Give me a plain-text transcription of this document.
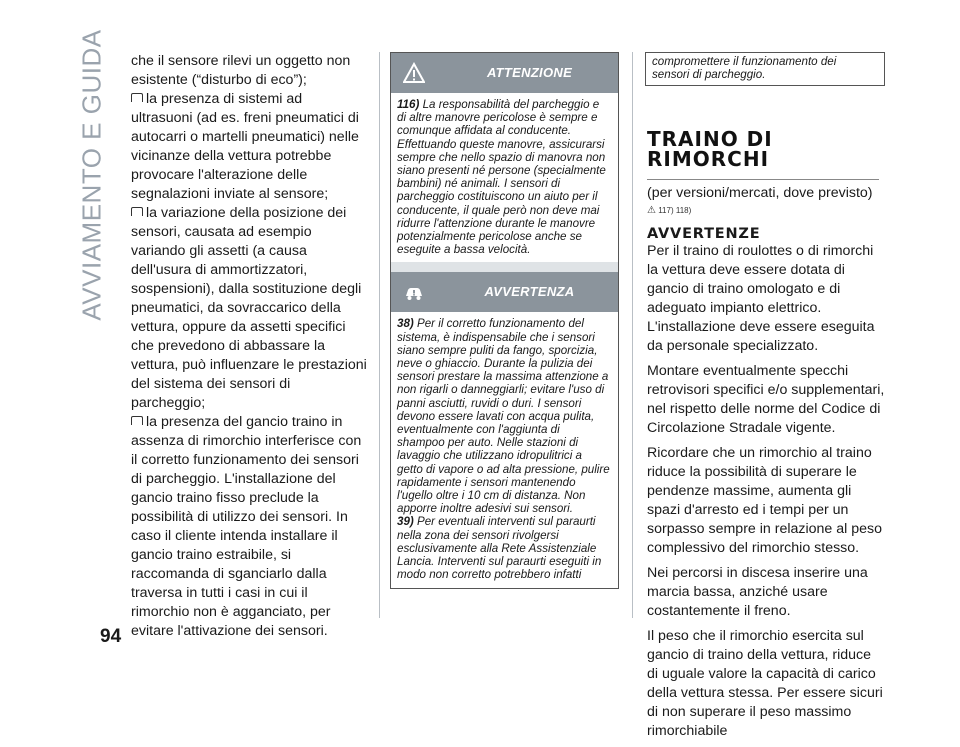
AVVIAMENTO E GUIDA che il sensore rilevi un oggetto non esistente (“disturbo di eco”);

la presenza di sistemi ad ultrasuoni (ad es. freni pneumatici di autocarri o martelli pneumatici) nelle vicinanze della vettura potrebbe provocare l'alterazione delle segnalazioni inviate al sensore;

la variazione della posizione dei sensori, causata ad esempio variando gli assetti (a causa dell'usura di ammortizzatori, sospensioni), dalla sostituzione degli pneumatici, da sovraccarico della vettura, oppure da assetti specifici che prevedono di abbassare la vettura, può influenzare le prestazioni del sistema dei sensori di parcheggio;

la presenza del gancio traino in assenza di rimorchio interferisce con il corretto funzionamento dei sensori di parcheggio. L'installazione del gancio traino fisso preclude la possibilità di utilizzo dei sensori. In caso il cliente intenda installare il gancio traino estraibile, si raccomanda di sganciarlo dalla traversa in tutti i casi in cui il rimorchio non è agganciato, per evitare l'attivazione dei sensori.

ATTENZIONE
116) La responsabilità del parcheggio e di altre manovre pericolose è sempre e comunque affidata al conducente. Effettuando queste manovre, assicurarsi sempre che nello spazio di manovra non siano presenti né persone (specialmente bambini) né animali. I sensori di parcheggio costituiscono un aiuto per il conducente, il quale però non deve mai ridurre l'attenzione durante le manovre potenzialmente pericolose anche se eseguite a bassa velocità.
AVVERTENZA
38) Per il corretto funzionamento del sistema, è indispensabile che i sensori siano sempre puliti da fango, sporcizia, neve o ghiaccio. Durante la pulizia dei sensori prestare la massima attenzione a non rigarli o danneggiarli; evitare l'uso di panni asciutti, ruvidi o duri. I sensori devono essere lavati con acqua pulita, eventualmente con l'aggiunta di shampoo per auto. Nelle stazioni di lavaggio che utilizzano idropulitrici a getto di vapore o ad alta pressione, pulire rapidamente i sensori mantenendo l'ugello oltre i 10 cm di distanza. Non apporre inoltre adesivi sui sensori.
39) Per eventuali interventi sul paraurti nella zona dei sensori rivolgersi esclusivamente alla Rete Assistenziale Lancia. Interventi sul paraurti eseguiti in modo non corretto potrebbero infatti
compromettere il funzionamento dei sensori di parcheggio.
TRAINO DI RIMORCHI
(per versioni/mercati, dove previsto)
⚠ 117) 118)
AVVERTENZE

Per il traino di roulottes o di rimorchi la vettura deve essere dotata di gancio di traino omologato e di adeguato impianto elettrico. L'installazione deve essere eseguita da personale specializzato.

Montare eventualmente specchi retrovisori specifici e/o supplementari, nel rispetto delle norme del Codice di Circolazione Stradale vigente.

Ricordare che un rimorchio al traino riduce la possibilità di superare le pendenze massime, aumenta gli spazi d'arresto ed i tempi per un sorpasso sempre in relazione al peso complessivo del rimorchio stesso.

Nei percorsi in discesa inserire una marcia bassa, anziché usare costantemente il freno.

Il peso che il rimorchio esercita sul gancio di traino della vettura, riduce di uguale valore la capacità di carico della vettura stessa. Per essere sicuri di non superare il peso massimo rimorchiabile

94
